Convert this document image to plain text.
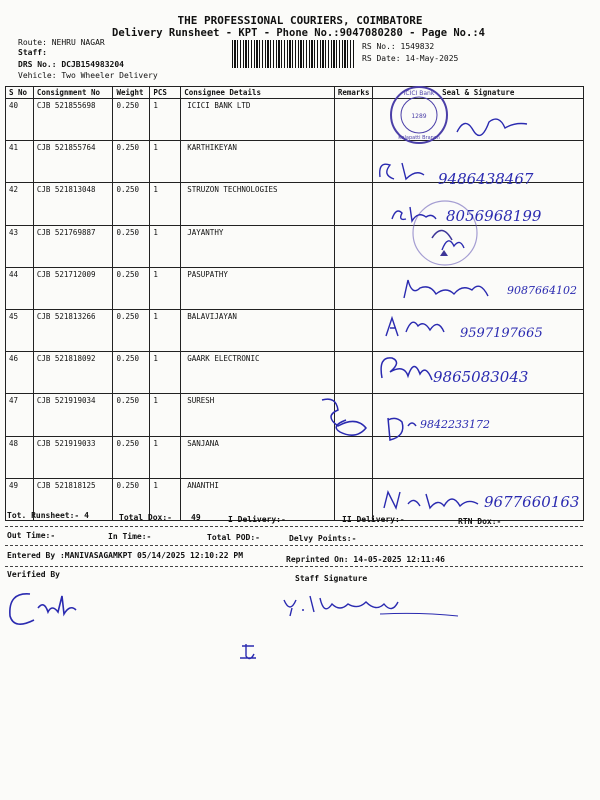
THE PROFESSIONAL COURIERS, COIMBATORE
Delivery Runsheet - KPT - Phone No.:9047080280 - Page No.:4
Route: NEHRU NAGAR
Staff:
DRS No.: DCJB154983204
Vehicle: Two Wheeler Delivery
RS No.: 1549832
RS Date: 14-May-2025
S No	Consignment No	Weight	PCS	Consignee Details	Remarks	Seal & Signature
40	CJB 521855698	0.250	1	ICICI BANK LTD		
41	CJB 521855764	0.250	1	KARTHIKEYAN		
42	CJB 521813048	0.250	1	STRUZON TECHNOLOGIES		
43	CJB 521769887	0.250	1	JAYANTHY		
44	CJB 521712009	0.250	1	PASUPATHY		
45	CJB 521813266	0.250	1	BALAVIJAYAN		
46	CJB 521818092	0.250	1	GAARK ELECTRONIC		
47	CJB 521919034	0.250	1	SURESH		
48	CJB 521919033	0.250	1	SANJANA		
49	CJB 521818125	0.250	1	ANANTHI		
ICICI Bank
1289
Kalapatti Branch
9486438467
8056968199
9087664102
9597197665
9865083043
9842233172
9677660163
Tot. Runsheet:- 4	Total Dox:- 49	I Delivery:-	II Delivery:-	RTN Dox:-
Out Time:-	In Time:-	Total POD:-	Delvy Points:-
Entered By :MANIVASAGAMKPT 05/14/2025 12:10:22 PM	Reprinted On: 14-05-2025 12:11:46
Verified By	Staff Signature
